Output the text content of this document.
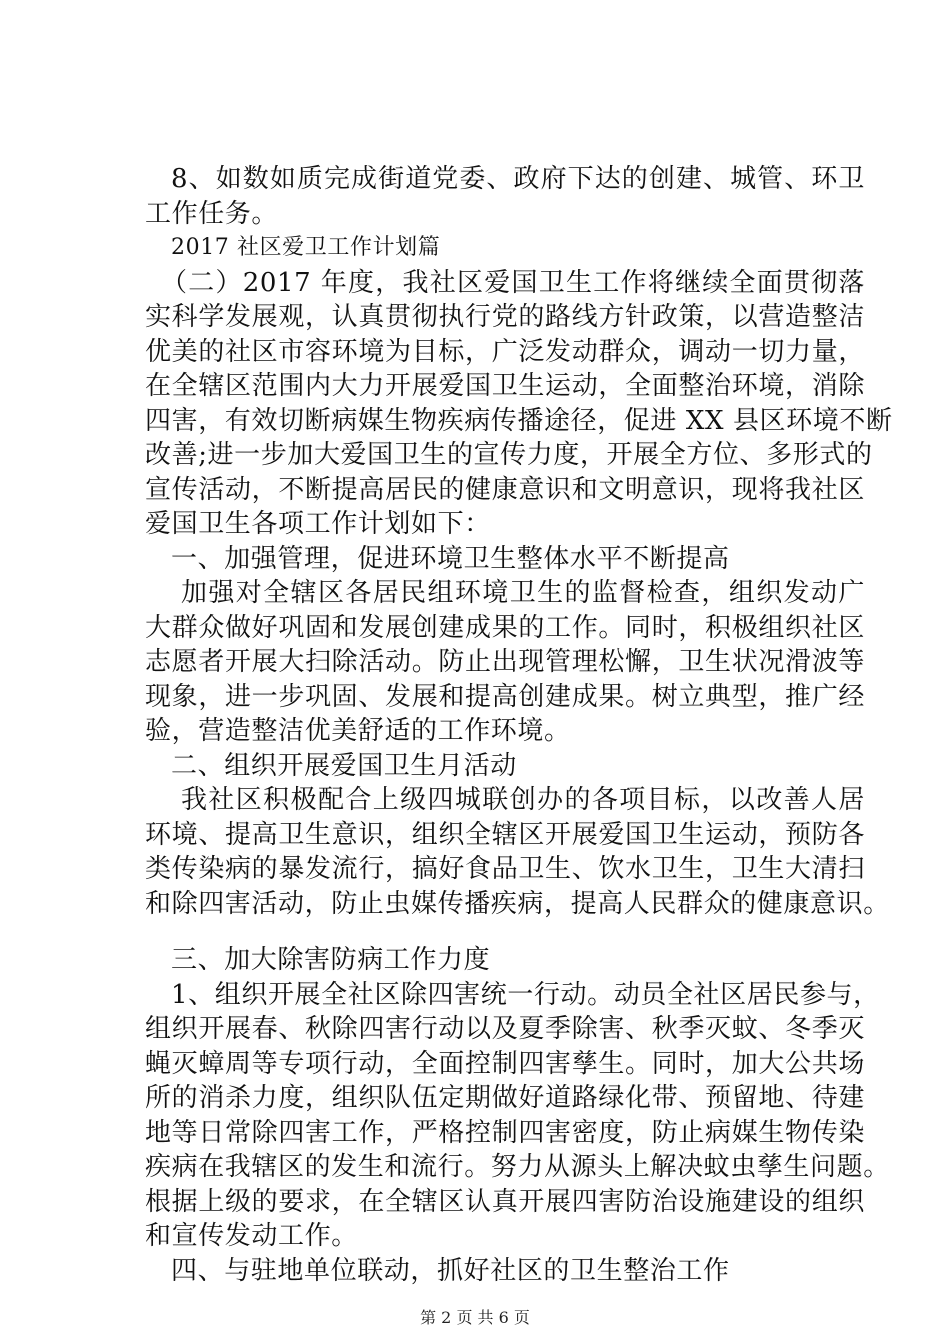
8、如数如质完成街道党委、政府下达的创建、城管、环卫
工作任务。
2017 社区爱卫工作计划篇
（二）2017 年度，我社区爱国卫生工作将继续全面贯彻落
实科学发展观，认真贯彻执行党的路线方针政策，以营造整洁
优美的社区市容环境为目标，广泛发动群众，调动一切力量，
在全辖区范围内大力开展爱国卫生运动，全面整治环境，消除
四害，有效切断病媒生物疾病传播途径，促进 XX 县区环境不断
改善;进一步加大爱国卫生的宣传力度，开展全方位、多形式的
宣传活动，不断提高居民的健康意识和文明意识，现将我社区
爱国卫生各项工作计划如下：
一、加强管理，促进环境卫生整体水平不断提高
加强对全辖区各居民组环境卫生的监督检查，组织发动广
大群众做好巩固和发展创建成果的工作。同时，积极组织社区
志愿者开展大扫除活动。防止出现管理松懈，卫生状况滑波等
现象，进一步巩固、发展和提高创建成果。树立典型，推广经
验，营造整洁优美舒适的工作环境。
二、组织开展爱国卫生月活动
我社区积极配合上级四城联创办的各项目标，以改善人居
环境、提高卫生意识，组织全辖区开展爱国卫生运动，预防各
类传染病的暴发流行，搞好食品卫生、饮水卫生，卫生大清扫
和除四害活动，防止虫媒传播疾病，提高人民群众的健康意识。
三、加大除害防病工作力度
1、组织开展全社区除四害统一行动。动员全社区居民参与，
组织开展春、秋除四害行动以及夏季除害、秋季灭蚊、冬季灭
蝇灭蟑周等专项行动，全面控制四害孳生。同时，加大公共场
所的消杀力度，组织队伍定期做好道路绿化带、预留地、待建
地等日常除四害工作，严格控制四害密度，防止病媒生物传染
疾病在我辖区的发生和流行。努力从源头上解决蚊虫孳生问题。
根据上级的要求，在全辖区认真开展四害防治设施建设的组织
和宣传发动工作。
四、与驻地单位联动，抓好社区的卫生整治工作
第 2 页 共 6 页
